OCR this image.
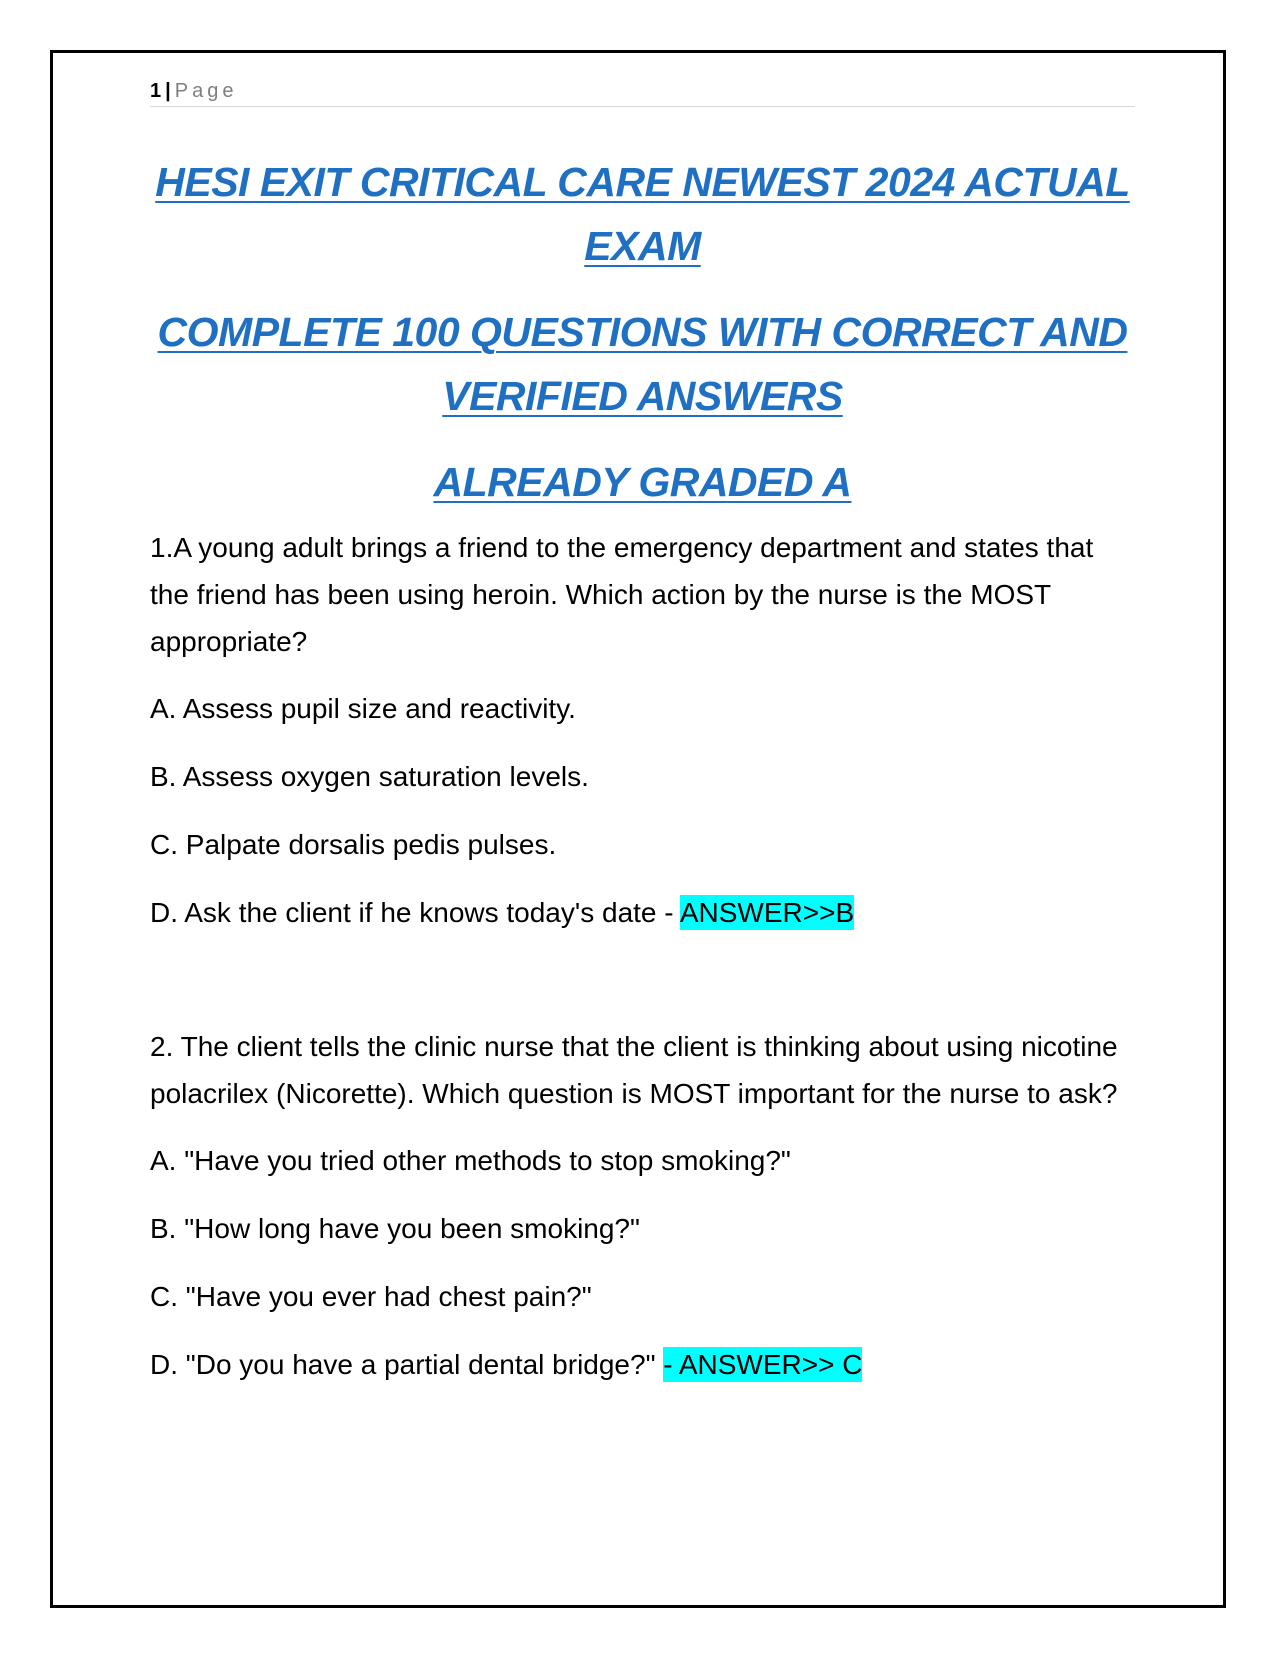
1 | Page

HESI EXIT CRITICAL CARE NEWEST 2024 ACTUAL

EXAM

COMPLETE 100 QUESTIONS WITH CORRECT AND

VERIFIED ANSWERS

ALREADY GRADED A

1.A young adult brings a friend to the emergency department and states that the friend has been using heroin. Which action by the nurse is the MOST appropriate?

A. Assess pupil size and reactivity.

B. Assess oxygen saturation levels.

C. Palpate dorsalis pedis pulses.

D. Ask the client if he knows today's date - ANSWER>>B

2. The client tells the clinic nurse that the client is thinking about using nicotine polacrilex (Nicorette). Which question is MOST important for the nurse to ask?

A. "Have you tried other methods to stop smoking?"

B. "How long have you been smoking?"

C. "Have you ever had chest pain?"

D. "Do you have a partial dental bridge?" - ANSWER>> C
